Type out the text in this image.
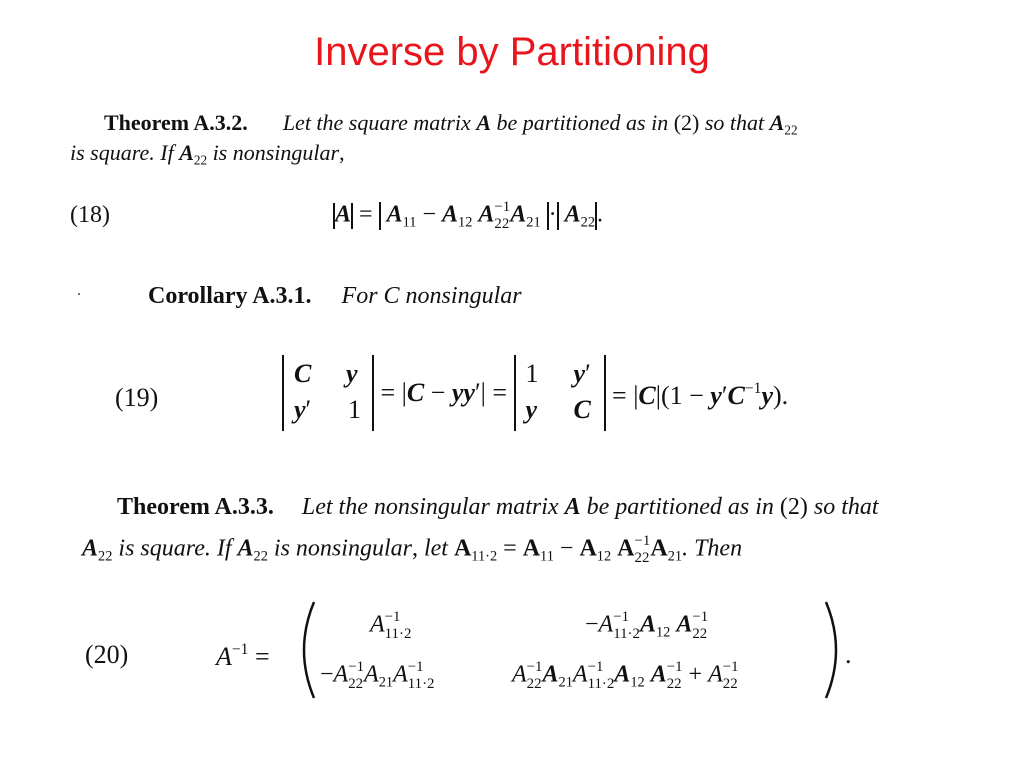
Inverse by Partitioning
Theorem A.3.2. Let the square matrix A be partitioned as in (2) so that $A_{22}$
is square. If $A_{22}$ is nonsingular,
(18)	$A = A_{11} - A_{12}$ A −1
22 $A_{21} \cdot A_{22}$.
Corollary A.3.1. For C nonsingular
(19)
C y
y′ 1
= |C − yy′| =
1 y′
y $C = |C|(1 - y'C^{-1}y)$.
Theorem A.3.3. Let the nonsingular matrix A be partitioned as in (2) so that
$A_{22}$ is square. If $A_{22}$ is nonsingular, let $A_{11\cdot 2} = A_{11} - A_{12}$ A −1
22 $A_{21}$. Then
(20)	$A^{-1}$ =
A −1
11·2	−A −1
11·2 $A_{12}$ A −1
22
−A −1
22 $A_{21}A -1$
11·2	A −1
22 $A_{21}A -1$
11·2 $A_{12}$ A −1
22 + A −1
22
.
